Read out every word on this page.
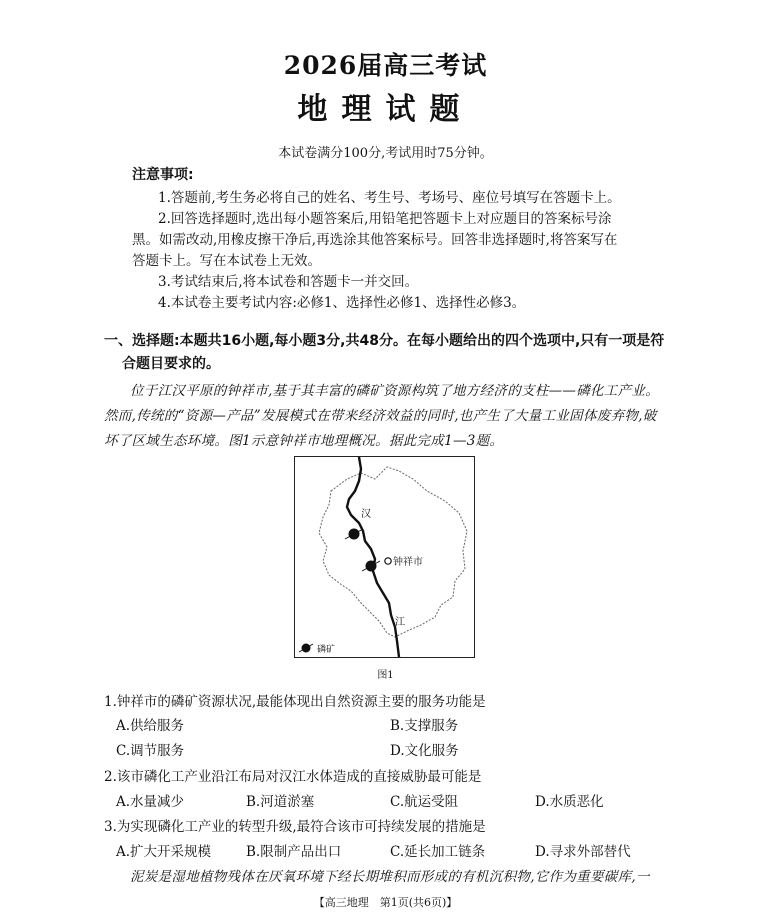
2026届高三考试
地理试题
本试卷满分100分,考试用时75分钟。
注意事项:
1.答题前,考生务必将自己的姓名、考生号、考场号、座位号填写在答题卡上。
2.回答选择题时,选出每小题答案后,用铅笔把答题卡上对应题目的答案标号涂
黑。如需改动,用橡皮擦干净后,再选涂其他答案标号。回答非选择题时,将答案写在
答题卡上。写在本试卷上无效。
3.考试结束后,将本试卷和答题卡一并交回。
4.本试卷主要考试内容:必修1、选择性必修1、选择性必修3。
一、选择题:本题共16小题,每小题3分,共48分。在每小题给出的四个选项中,只有一项是符
合题目要求的。
位于江汉平原的钟祥市,基于其丰富的磷矿资源构筑了地方经济的支柱——磷化工产业。
然而,传统的“资源—产品”发展模式在带来经济效益的同时,也产生了大量工业固体废弃物,破
坏了区域生态环境。图1示意钟祥市地理概况。据此完成1—3题。
钟祥市
汉
江
磷矿
图1
1.钟祥市的磷矿资源状况,最能体现出自然资源主要的服务功能是
A.供给服务	B.支撑服务
C.调节服务	D.文化服务
2.该市磷化工产业沿江布局对汉江水体造成的直接威胁最可能是
A.水量减少	B.河道淤塞	C.航运受阻	D.水质恶化
3.为实现磷化工产业的转型升级,最符合该市可持续发展的措施是
A.扩大开采规模	B.限制产品出口	C.延长加工链条	D.寻求外部替代
泥炭是湿地植物残体在厌氧环境下经长期堆积而形成的有机沉积物,它作为重要碳库,一
【高三地理　第1页(共6页)】
